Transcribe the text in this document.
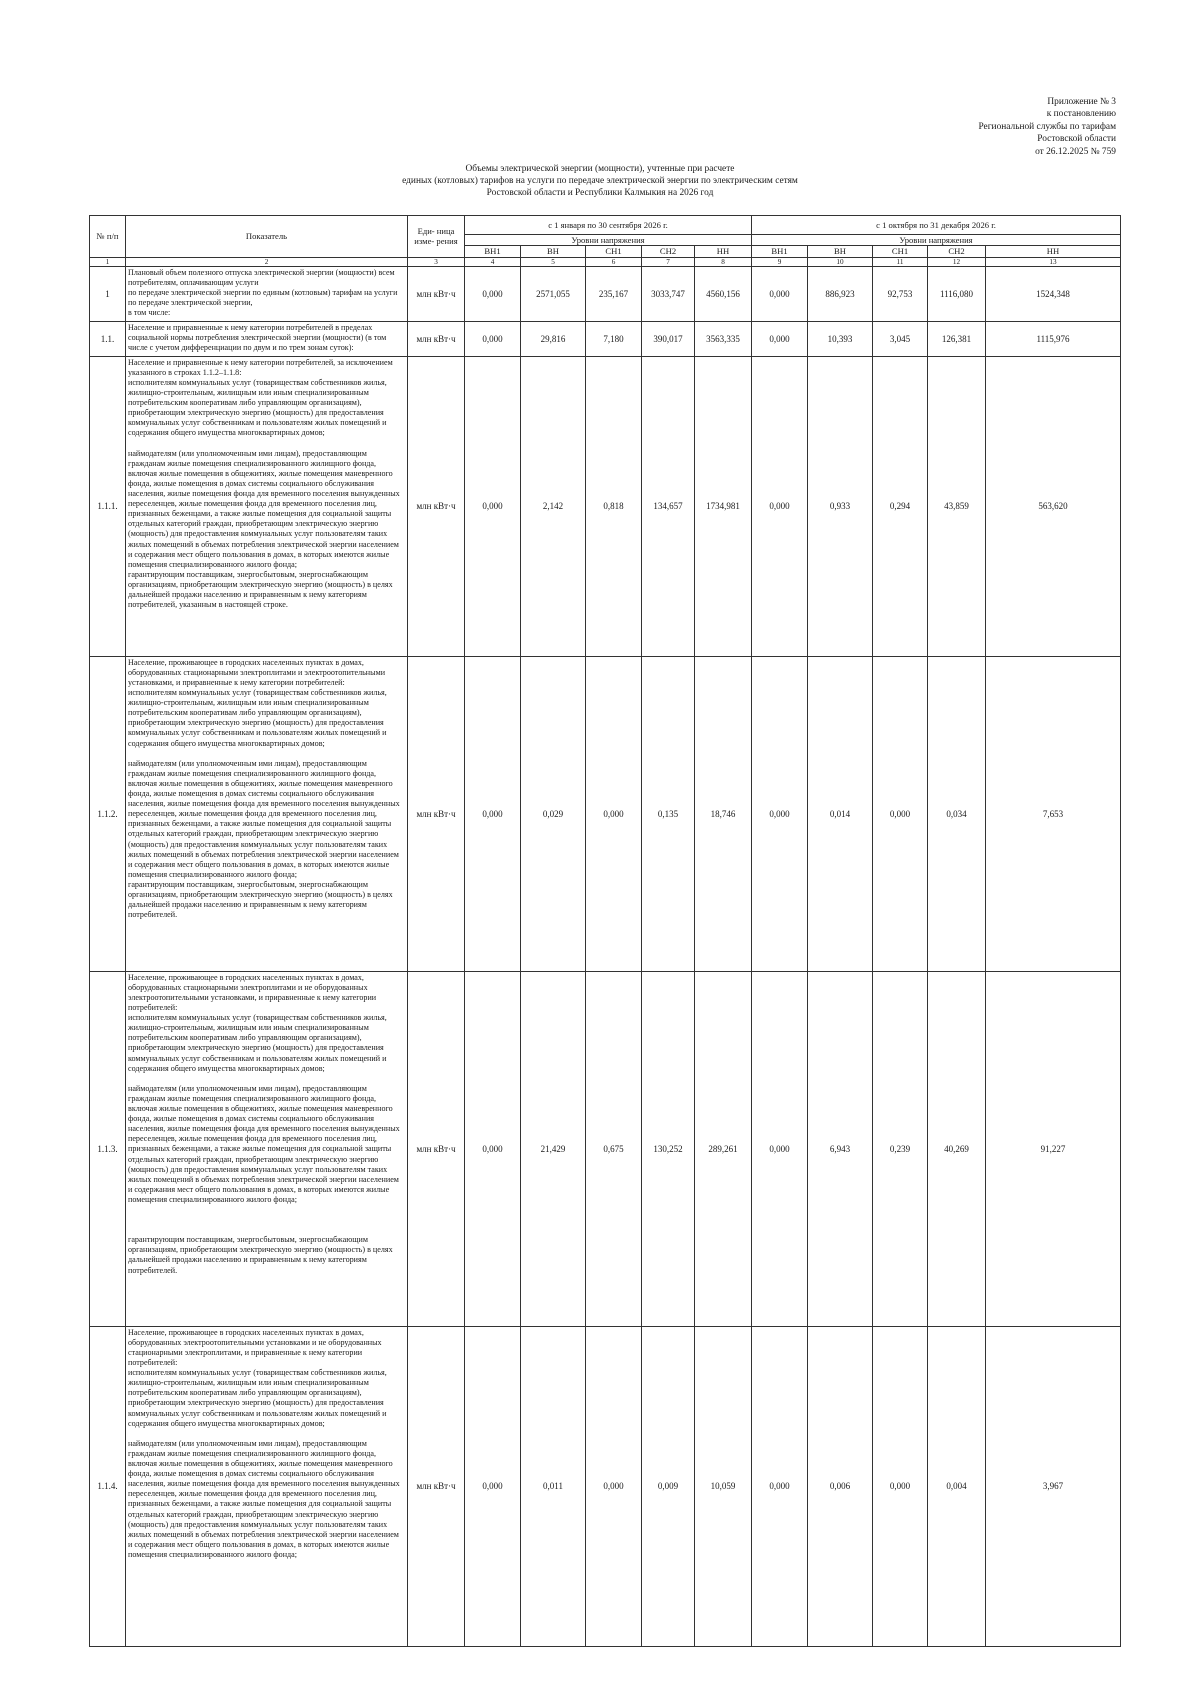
Приложение № 3
к постановлению
Региональной службы по тарифам
Ростовской области
от 26.12.2025 № 759
Объемы электрической энергии (мощности), учтенные при расчете
единых (котловых) тарифов на услуги по передаче электрической энергии по электрическим сетям
Ростовской области и Республики Калмыкия на 2026 год
№ п/п	Показатель	Еди- ница изме- рения	с 1 января по 30 сентября 2026 г.					с 1 октября по 31 декабря 2026 г.				
			Уровни напряжения					Уровни напряжения				
			ВН1	ВН	СН1	СН2	НН	ВН1	ВН	СН1	СН2	НН
1	2	3	4	5	6	7	8	9	10	11	12	13
1	Плановый объем полезного отпуска электрической энергии (мощности) всем потребителям, оплачивающим услуги
по передаче электрической энергии по единым (котловым) тарифам на услуги по передаче электрической энергии,
в том числе:	млн кВт·ч	0,000	2571,055	235,167	3033,747	4560,156	0,000	886,923	92,753	1116,080	1524,348
1.1.	Население и приравненные к нему категории потребителей в пределах социальной нормы потребления электрической энергии (мощности) (в том числе с учетом дифференциации по двум и по трем зонам суток):	млн кВт·ч	0,000	29,816	7,180	390,017	3563,335	0,000	10,393	3,045	126,381	1115,976
1.1.1.	Население и приравненные к нему категории потребителей, за исключением указанного в строках 1.1.2–1.1.8:
исполнителям коммунальных услуг (товариществам собственников жилья, жилищно-строительным, жилищным или иным специализированным потребительским кооперативам либо управляющим организациям), приобретающим электрическую энергию (мощность) для предоставления коммунальных услуг собственникам и пользователям жилых помещений и содержания общего имущества многоквартирных домов;

наймодателям (или уполномоченным ими лицам), предоставляющим гражданам жилые помещения специализированного жилищного фонда, включая жилые помещения в общежитиях, жилые помещения маневренного фонда, жилые помещения в домах системы социального обслуживания населения, жилые помещения фонда для временного поселения вынужденных переселенцев, жилые помещения фонда для временного поселения лиц, признанных беженцами, а также жилые помещения для социальной защиты отдельных категорий граждан, приобретающим электрическую энергию (мощность) для предоставления коммунальных услуг пользователям таких жилых помещений в объемах потребления электрической энергии населением и содержания мест общего пользования в домах, в которых имеются жилые помещения специализированного жилого фонда;
гарантирующим поставщикам, энергосбытовым, энергоснабжающим организациям, приобретающим электрическую энергию (мощность) в целях дальнейшей продажи населению и приравненным к нему категориям потребителей, указанным в настоящей строке.	млн кВт·ч	0,000	2,142	0,818	134,657	1734,981	0,000	0,933	0,294	43,859	563,620
1.1.2.	Население, проживающее в городских населенных пунктах в домах, оборудованных стационарными электроплитами и электроотопительными установками, и приравненные к нему категории потребителей:
исполнителям коммунальных услуг (товариществам собственников жилья, жилищно-строительным, жилищным или иным специализированным потребительским кооперативам либо управляющим организациям), приобретающим электрическую энергию (мощность) для предоставления коммунальных услуг собственникам и пользователям жилых помещений и содержания общего имущества многоквартирных домов;

наймодателям (или уполномоченным ими лицам), предоставляющим гражданам жилые помещения специализированного жилищного фонда, включая жилые помещения в общежитиях, жилые помещения маневренного фонда, жилые помещения в домах системы социального обслуживания населения, жилые помещения фонда для временного поселения вынужденных переселенцев, жилые помещения фонда для временного поселения лиц, признанных беженцами, а также жилые помещения для социальной защиты отдельных категорий граждан, приобретающим электрическую энергию (мощность) для предоставления коммунальных услуг пользователям таких жилых помещений в объемах потребления электрической энергии населением и содержания мест общего пользования в домах, в которых имеются жилые помещения специализированного жилого фонда;
гарантирующим поставщикам, энергосбытовым, энергоснабжающим организациям, приобретающим электрическую энергию (мощность) в целях дальнейшей продажи населению и приравненным к нему категориям потребителей.	млн кВт·ч	0,000	0,029	0,000	0,135	18,746	0,000	0,014	0,000	0,034	7,653
1.1.3.	Население, проживающее в городских населенных пунктах в домах, оборудованных стационарными электроплитами и не оборудованных электроотопительными установками, и приравненные к нему категории потребителей:
исполнителям коммунальных услуг (товариществам собственников жилья, жилищно-строительным, жилищным или иным специализированным потребительским кооперативам либо управляющим организациям), приобретающим электрическую энергию (мощность) для предоставления коммунальных услуг собственникам и пользователям жилых помещений и содержания общего имущества многоквартирных домов;

наймодателям (или уполномоченным ими лицам), предоставляющим гражданам жилые помещения специализированного жилищного фонда, включая жилые помещения в общежитиях, жилые помещения маневренного фонда, жилые помещения в домах системы социального обслуживания населения, жилые помещения фонда для временного поселения вынужденных переселенцев, жилые помещения фонда для временного поселения лиц, признанных беженцами, а также жилые помещения для социальной защиты отдельных категорий граждан, приобретающим электрическую энергию (мощность) для предоставления коммунальных услуг пользователям таких жилых помещений в объемах потребления электрической энергии населением и содержания мест общего пользования в домах, в которых имеются жилые помещения специализированного жилого фонда;

гарантирующим поставщикам, энергосбытовым, энергоснабжающим организациям, приобретающим электрическую энергию (мощность) в целях дальнейшей продажи населению и приравненным к нему категориям потребителей.	млн кВт·ч	0,000	21,429	0,675	130,252	289,261	0,000	6,943	0,239	40,269	91,227
1.1.4.	Население, проживающее в городских населенных пунктах в домах, оборудованных электроотопительными установками и не оборудованных стационарными электроплитами, и приравненные к нему категории потребителей:
исполнителям коммунальных услуг (товариществам собственников жилья, жилищно-строительным, жилищным или иным специализированным потребительским кооперативам либо управляющим организациям), приобретающим электрическую энергию (мощность) для предоставления коммунальных услуг собственникам и пользователям жилых помещений и содержания общего имущества многоквартирных домов;

наймодателям (или уполномоченным ими лицам), предоставляющим гражданам жилые помещения специализированного жилищного фонда, включая жилые помещения в общежитиях, жилые помещения маневренного фонда, жилые помещения в домах системы социального обслуживания населения, жилые помещения фонда для временного поселения вынужденных переселенцев, жилые помещения фонда для временного поселения лиц, признанных беженцами, а также жилые помещения для социальной защиты отдельных категорий граждан, приобретающим электрическую энергию (мощность) для предоставления коммунальных услуг пользователям таких жилых помещений в объемах потребления электрической энергии населением и содержания мест общего пользования в домах, в которых имеются жилые помещения специализированного жилого фонда;	млн кВт·ч	0,000	0,011	0,000	0,009	10,059	0,000	0,006	0,000	0,004	3,967
